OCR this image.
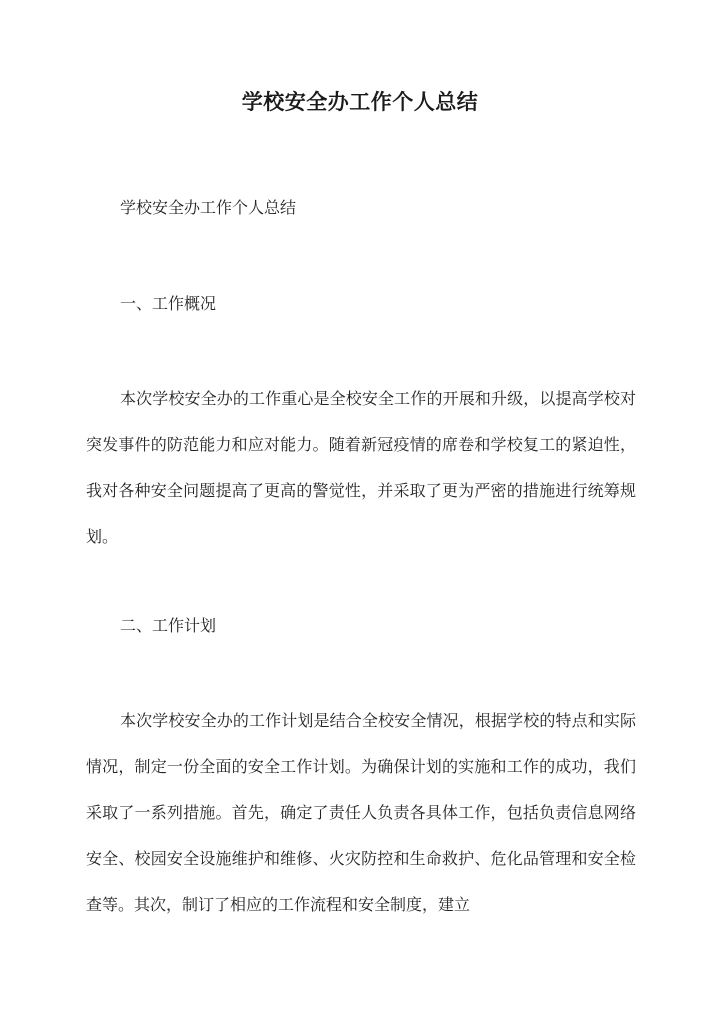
学校安全办工作个人总结
学校安全办工作个人总结
一、工作概况
本次学校安全办的工作重心是全校安全工作的开展和升级，以提高学校对突发事件的防范能力和应对能力。随着新冠疫情的席卷和学校复工的紧迫性，我对各种安全问题提高了更高的警觉性，并采取了更为严密的措施进行统筹规划。
二、工作计划
本次学校安全办的工作计划是结合全校安全情况，根据学校的特点和实际情况，制定一份全面的安全工作计划。为确保计划的实施和工作的成功，我们采取了一系列措施。首先，确定了责任人负责各具体工作，包括负责信息网络安全、校园安全设施维护和维修、火灾防控和生命救护、危化品管理和安全检查等。其次，制订了相应的工作流程和安全制度，建立
